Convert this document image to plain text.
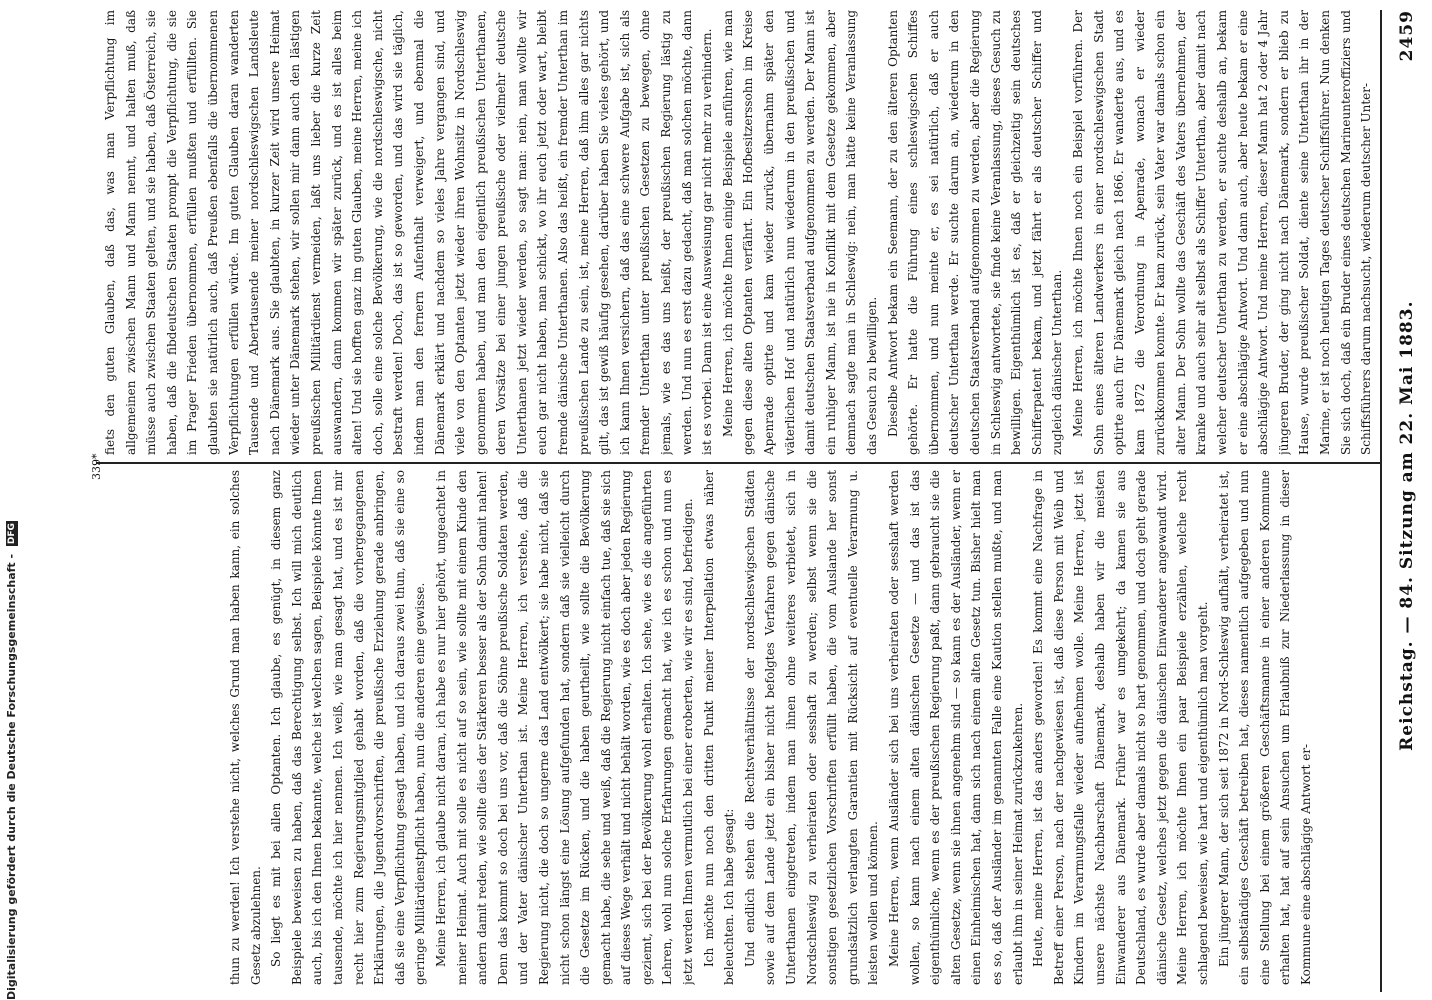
Digitalisierung gefördert durch die Deutsche Forschungsgemeinschaft - DFG	Reichstag. — 84. Sitzung am 22. Mai 1883.
2459

thun zu werden! Ich verstehe nicht, welches Grund man haben kann, ein solches Gesetz abzulehnen. So liegt es mit bei allen Optanten. Ich glaube, es genügt, in diesem ganz Beispiele beweisen zu haben, daß das Berechtigung selbst. Ich will mich deutlich auch, bis ich den Ihnen bekannte, welche ist welchen sagen, Beispiele könnte Ihnen tausende, möchte ich hier nennen. Ich weiß, wie man gesagt hat, und es ist mir recht hier zum Regierungsmitglied gehabt worden, daß die vorhergegangenen Erklärungen, die Jugendvorschriften, die preußische Erziehung gerade anbringen, daß sie eine Verpflichtung gesagt haben, und ich daraus zwei thun, daß sie eine so geringe Militärdienstpflicht haben, nun die anderen eine gewisse. Meine Herren, ich glaube nicht daran, ich habe es nur hier gehört, ungeachtet in meiner Heimat. Auch mit solle es nicht auf so sein, wie sollte mit einem Kinde den andern damit reden, wie sollte dies der Stärkeren besser als der Sohn damit nahen! Denn das kommt so doch bei uns vor, daß die Söhne preußische Soldaten werden, und der Vater dänischer Unterthan ist. Meine Herren, ich verstehe, daß die Regierung nicht, die doch so ungerne das Land entwölkert; sie habe nicht, daß sie nicht schon längst eine Lösung aufgefunden hat, sondern daß sie vielleicht durch die Gesetze im Rücken, und die haben geurtheilt, wie sollte die Bevölkerung gemacht habe, die sehe und weiß, daß die Regierung nicht einfach tue, daß sie sich auf dieses Wege verhält und nicht behält worden, wie es doch aber jeden Regierung geziemt, sich bei der Bevölkerung wohl erhalten. Ich sehe, wie es die angeführten Lehren, wohl nun solche Erfahrungen gemacht hat, wie ich es schon und nun es jetzt werden Ihnen vermutlich bei einer eroberten, wie wir es sind, befriedigen. Ich möchte nun noch den dritten Punkt meiner Interpellation etwas näher beleuchten. Ich habe gesagt: Und endlich stehen die Rechtsverhältnisse der nordschleswigschen Städten sowie auf dem Lande jetzt ein bisher nicht befolgtes Verfahren gegen dänische Unterthanen eingetreten, indem man ihnen ohne weiteres verbietet, sich in Nordschleswig zu verheiraten oder sesshaft zu werden; selbst wenn sie die sonstigen gesetzlichen Vorschriften erfüllt haben, die vom Auslande her sonst grundsätzlich verlangten Garantien mit Rücksicht auf eventuelle Verarmung u. leisten wollen und können. Meine Herren, wenn Ausländer sich bei uns verheiraten oder sesshaft werden wollen, so kann nach einem alten dänischen Gesetze — und das ist das eigenthümliche, wenn es der preußischen Regierung paßt, dann gebraucht sie die alten Gesetze, wenn sie ihnen angenehm sind — so kann es der Ausländer, wenn er einen Einheimischen hat, dann sich nach einem alten Gesetz tun. Bisher hielt man es so, daß der Ausländer im genannten Falle eine Kaution stellen mußte, und man erlaubt ihm in seiner Heimat zurückzukehren. Heute, meine Herren, ist das anders geworden! Es kommt eine Nachfrage in Betreff einer Person, nach der nachgewiesen ist, daß diese Person mit Weib und Kindern im Verarmungsfalle wieder aufnehmen wolle. Meine Herren, jetzt ist unsere nächste Nachbarschaft Dänemark, deshalb haben wir die meisten Einwanderer aus Dänemark. Früher war es umgekehrt; da kamen sie aus Deutschland, es wurde aber damals nicht so hart genommen, und doch geht gerade dänische Gesetz, welches jetzt gegen die dänischen Einwanderer angewandt wird. Meine Herren, ich möchte Ihnen ein paar Beispiele erzählen, welche recht schlagend beweisen, wie hart und eigenthümlich man vorgeht. Ein jüngerer Mann, der sich seit 1872 in Nord-Schleswig aufhält, verheiratet ist, ein selbständiges Geschäft betreiben hat, dieses namentlich aufgegeben und nun eine Stellung bei einem größeren Geschäftsmanne in einer anderen Kommune erhalten hat, hat auf sein Ansuchen um Erlaubniß zur Niederlassung in dieser Kommune eine abschlägige Antwort er-

fiets den guten Glauben, daß das, was man Verpflichtung im allgemeinen zwischen Mann und Mann nennt, und halten muß, daß müsse auch zwischen Staaten gelten, und sie haben, daß Österreich, sie haben, daß die fibdeutschen Staaten prompt die Verpflichtung, die sie im Prager Frieden übernommen, erfüllen mußten und erfüllten. Sie glaubten sie natürlich auch, daß Preußen ebenfalls die übernommenen Verpflichtungen erfüllen würde. Im guten Glauben daran wanderten Tausende und Abertausende meiner nordschleswigschen Landsleute nach Dänemark aus. Sie glaubten, in kurzer Zeit wird unsere Heimat wieder unter Dänemark stehen, wir sollen mir dann auch den lästigen preußischen Militärdienst vermeiden, laßt uns lieber die kurze Zeit auswandern, dann kommen wir später zurück, und es ist alles beim alten! Und sie hofften ganz im guten Glauben, meine Herren, meine ich doch, solle eine solche Bevölkerung, wie die nordschleswigsche, nicht bestraft werden! Doch, das ist so geworden, und das wird sie täglich, indem man den fernern Aufenthalt verweigert, und ebenmal die Dänemark erklärt und nachdem so vieles Jahre vergangen sind, und viele von den Optanten jetzt wieder ihren Wohnsitz in Nordschleswig genommen haben, und man den eigentlich preußischen Unterthanen, deren Vorsätze bei einer jungen preußische oder vielmehr deutsche Unterthanen jetzt wieder werden, so sagt man: nein, man wollte wir euch gar nicht haben, man schickt, wo ihr euch jetzt oder wart, bleibt fremde dänische Unterthanen. Also das heißt, ein fremder Unterthan im preußischen Lande zu sein, ist, meine Herren, daß ihm alles gar nichts gilt, das ist gewiß häufig gesehen, darüber haben Sie vieles gehört, und ich kann Ihnen versichern, daß das eine schwere Aufgabe ist, sich als fremder Unterthan unter preußischen Gesetzen zu bewegen, ohne jemals, wie es das uns heißt, der preußischen Regierung lästig zu werden. Und nun es erst dazu gedacht, daß man solchen möchte, dann ist es vorbei. Dann ist eine Ausweisung gar nicht mehr zu verhindern. Meine Herren, ich möchte Ihnen einige Beispiele anführen, wie man gegen diese alten Optanten verfährt. Ein Hofbesitzerssohn im Kreise Apenrade optirte und kam wieder zurück, übernahm später den väterlichen Hof und natürlich nun wiederum in den preußischen und damit deutschen Staatsverband aufgenommen zu werden. Der Mann ist ein ruhiger Mann, ist nie in Konflikt mit dem Gesetze gekommen, aber demnach sagte man in Schleswig: nein, man hätte keine Veranlassung das Gesuch zu bewilligen. Dieselbe Antwort bekam ein Seemann, der zu den älteren Optanten gehörte. Er hatte die Führung eines schleswigschen Schiffes übernommen, und nun meinte er, es sei natürlich, daß er auch deutscher Unterthan werde. Er suchte darum an, wiederum in den deutschen Staatsverband aufgenommen zu werden, aber die Regierung in Schleswig antwortete, sie finde keine Veranlassung, dieses Gesuch zu bewilligen. Eigenthümlich ist es, daß er gleichzeitig sein deutsches Schifferpatent bekam, und jetzt fährt er als deutscher Schiffer und zugleich dänischer Unterthan. Meine Herren, ich möchte Ihnen noch ein Beispiel vorführen. Der Sohn eines älteren Landwerkers in einer nordschleswigschen Stadt optirte auch für Dänemark gleich nach 1866. Er wanderte aus, und es kam 1872 die Verordnung in Apenrade, wonach er wieder zurückkommen konnte. Er kam zurück, sein Vater war damals schon ein alter Mann. Der Sohn wollte das Geschäft des Vaters übernehmen, der kranke und auch sehr alt selbst als Schiffer Unterthan, aber damit nach welcher deutscher Unterthan zu werden, er suchte deshalb an, bekam er eine abschlägige Antwort. Und dann auch, aber heute bekam er eine abschlägige Antwort. Und meine Herren, dieser Mann hat 2 oder 4 Jahr jüngeren Bruder, der ging nicht nach Dänemark, sondern er blieb zu Hause, wurde preußischer Soldat, diente seine Unterthan ihr in der Marine, er ist noch heutigen Tages deutscher Schiffsführer. Nun denken Sie sich doch, daß ein Bruder eines deutschen Marineunteroffiziers und Schiffsführers darum nachsucht, wiederum deutscher Unter-

339*
